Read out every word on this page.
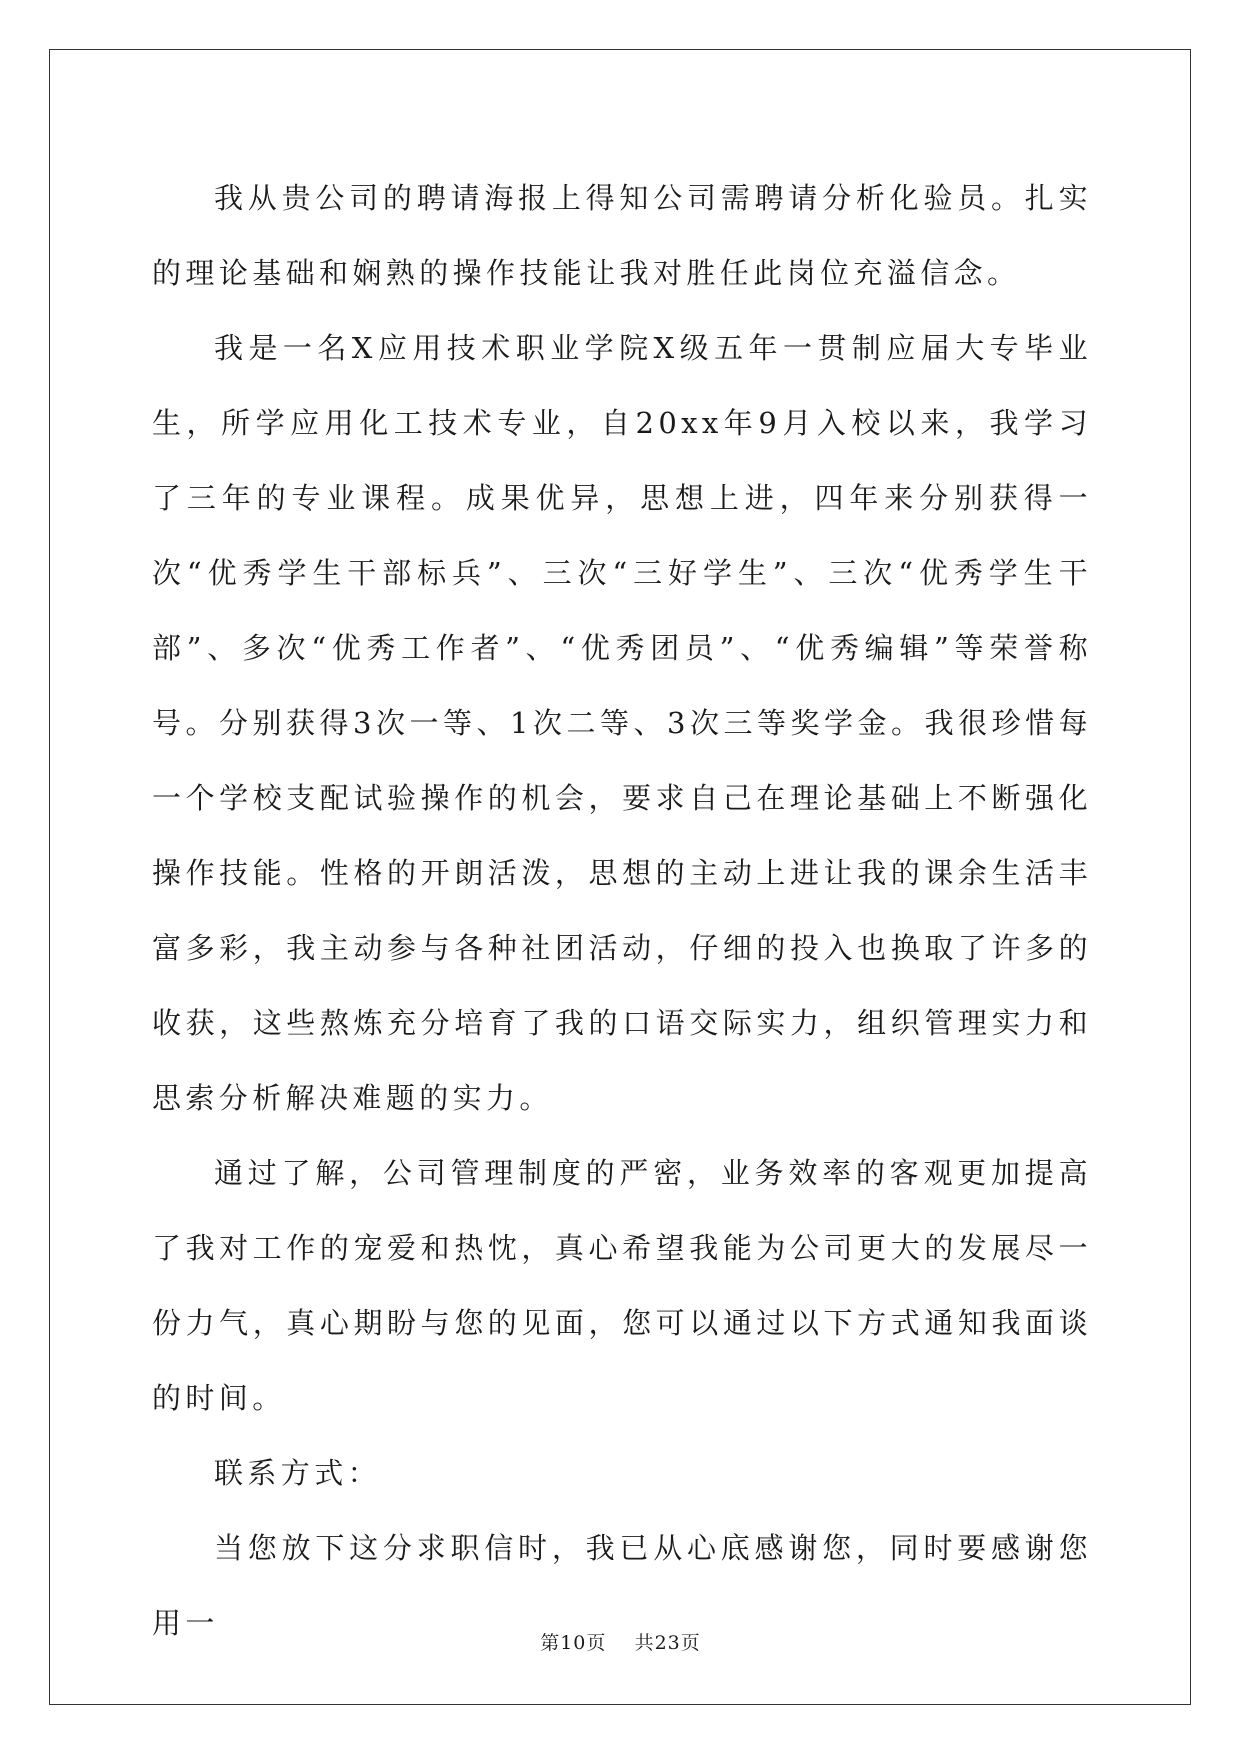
我从贵公司的聘请海报上得知公司需聘请分析化验员。扎实的理论基础和娴熟的操作技能让我对胜任此岗位充溢信念。

我是一名X应用技术职业学院X级五年一贯制应届大专毕业生，所学应用化工技术专业，自20xx年9月入校以来，我学习了三年的专业课程。成果优异，思想上进，四年来分别获得一次“优秀学生干部标兵”、三次“三好学生”、三次“优秀学生干部”、多次“优秀工作者”、“优秀团员”、“优秀编辑”等荣誉称号。分别获得3次一等、1次二等、3次三等奖学金。我很珍惜每一个学校支配试验操作的机会，要求自己在理论基础上不断强化操作技能。性格的开朗活泼，思想的主动上进让我的课余生活丰富多彩，我主动参与各种社团活动，仔细的投入也换取了许多的收获，这些熬炼充分培育了我的口语交际实力，组织管理实力和思索分析解决难题的实力。

通过了解，公司管理制度的严密，业务效率的客观更加提高了我对工作的宠爱和热忱，真心希望我能为公司更大的发展尽一份力气，真心期盼与您的见面，您可以通过以下方式通知我面谈的时间。

联系方式：

当您放下这分求职信时，我已从心底感谢您，同时要感谢您用一

第10页 共23页
